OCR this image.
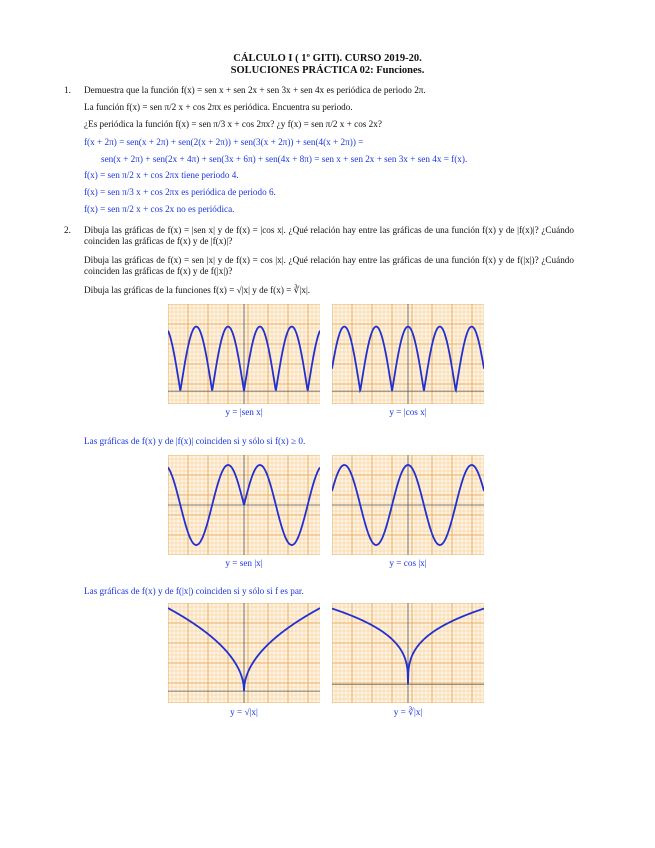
CÁLCULO I ( 1º GITI). CURSO 2019-20.
SOLUCIONES PRÁCTICA 02: Funciones.
1. Demuestra que la función f(x) = sen x + sen 2x + sen 3x + sen 4x es periódica de periodo 2π.
La función f(x) = sen π/2 x + cos 2πx es periódica. Encuentra su periodo.
¿Es periódica la función f(x) = sen π/3 x + cos 2πx? ¿y f(x) = sen π/2 x + cos 2x?
f(x + 2π) = sen(x + 2π) + sen(2(x + 2π)) + sen(3(x + 2π)) + sen(4(x + 2π)) =
sen(x + 2π) + sen(2x + 4π) + sen(3x + 6π) + sen(4x + 8π) = sen x + sen 2x + sen 3x + sen 4x = f(x).
f(x) = sen π/2 x + cos 2πx tiene periodo 4.
f(x) = sen π/3 x + cos 2πx es periódica de periodo 6.
f(x) = sen π/2 x + cos 2x no es periódica.
2. Dibuja las gráficas de f(x) = |sen x| y de f(x) = |cos x|. ¿Qué relación hay entre las gráficas de una función f(x) y de |f(x)|? ¿Cuándo coinciden las gráficas de f(x) y de |f(x)|?
Dibuja las gráficas de f(x) = sen |x| y de f(x) = cos |x|. ¿Qué relación hay entre las gráficas de una función f(x) y de f(|x|)? ¿Cuándo coinciden las gráficas de f(x) y de f(|x|)?
Dibuja las gráficas de la funciones f(x) = √|x| y de f(x) = ∛|x|.
y = |sen x|	y = |cos x|
Las gráficas de f(x) y de |f(x)| coinciden si y sólo si f(x) ≥ 0.
y = sen |x|	y = cos |x|
Las gráficas de f(x) y de f(|x|) coinciden si y sólo si f es par.
y = √|x|	y = ∛|x|
